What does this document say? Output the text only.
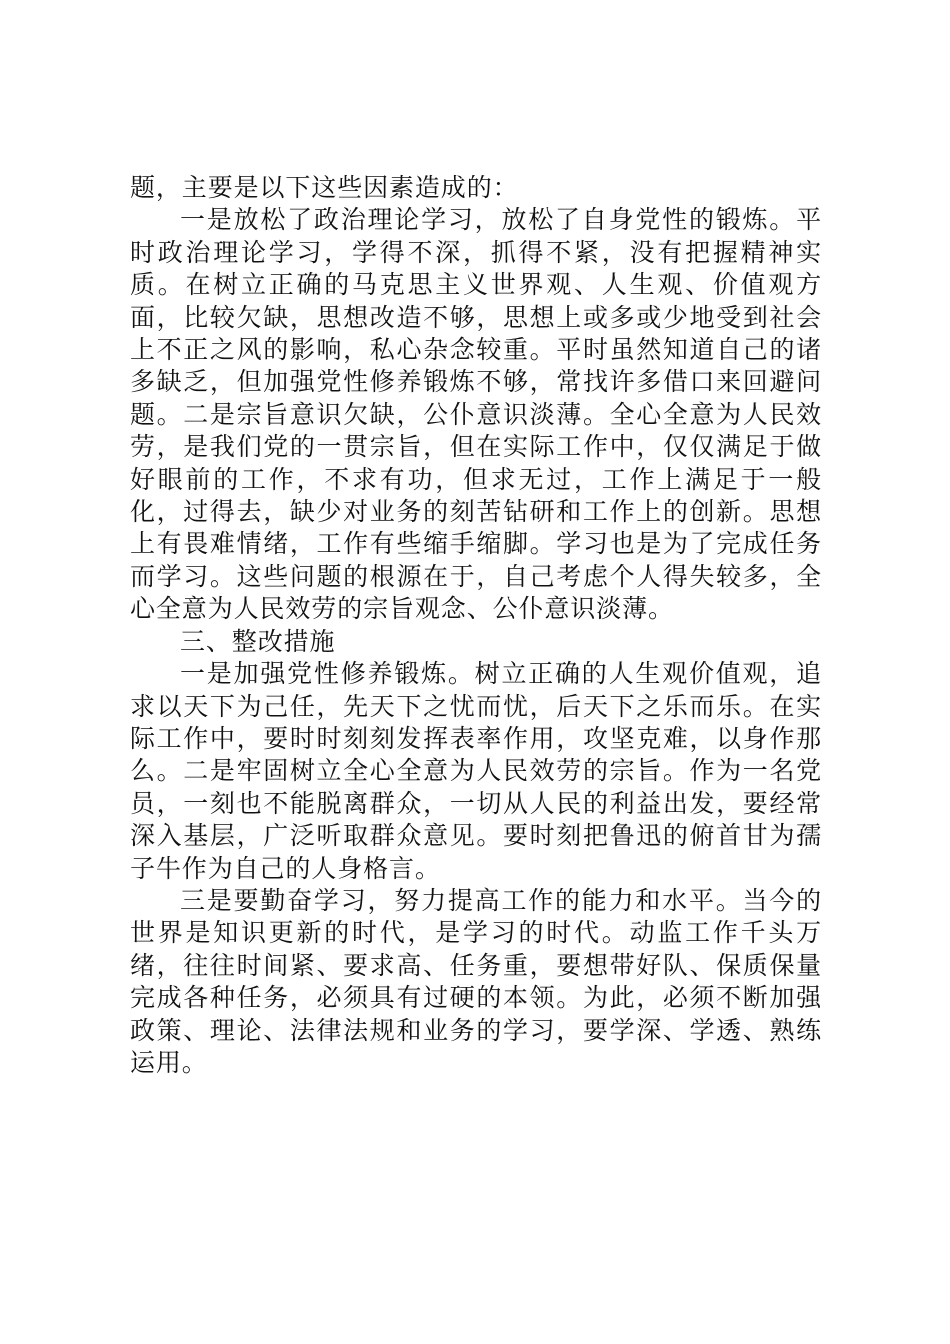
题，主要是以下这些因素造成的：

一是放松了政治理论学习，放松了自身党性的锻炼。平时政治理论学习，学得不深，抓得不紧，没有把握精神实质。在树立正确的马克思主义世界观、人生观、价值观方面，比较欠缺，思想改造不够，思想上或多或少地受到社会上不正之风的影响，私心杂念较重。平时虽然知道自己的诸多缺乏，但加强党性修养锻炼不够，常找许多借口来回避问题。二是宗旨意识欠缺，公仆意识淡薄。全心全意为人民效劳，是我们党的一贯宗旨，但在实际工作中，仅仅满足于做好眼前的工作，不求有功，但求无过，工作上满足于一般化，过得去，缺少对业务的刻苦钻研和工作上的创新。思想上有畏难情绪，工作有些缩手缩脚。学习也是为了完成任务而学习。这些问题的根源在于，自己考虑个人得失较多，全心全意为人民效劳的宗旨观念、公仆意识淡薄。

三、整改措施

一是加强党性修养锻炼。树立正确的人生观价值观，追求以天下为己任，先天下之忧而忧，后天下之乐而乐。在实际工作中，要时时刻刻发挥表率作用，攻坚克难，以身作那么。二是牢固树立全心全意为人民效劳的宗旨。作为一名党员，一刻也不能脱离群众，一切从人民的利益出发，要经常深入基层，广泛听取群众意见。要时刻把鲁迅的俯首甘为孺子牛作为自己的人身格言。

三是要勤奋学习，努力提高工作的能力和水平。当今的世界是知识更新的时代，是学习的时代。动监工作千头万绪，往往时间紧、要求高、任务重，要想带好队、保质保量完成各种任务，必须具有过硬的本领。为此，必须不断加强政策、理论、法律法规和业务的学习，要学深、学透、熟练运用。
